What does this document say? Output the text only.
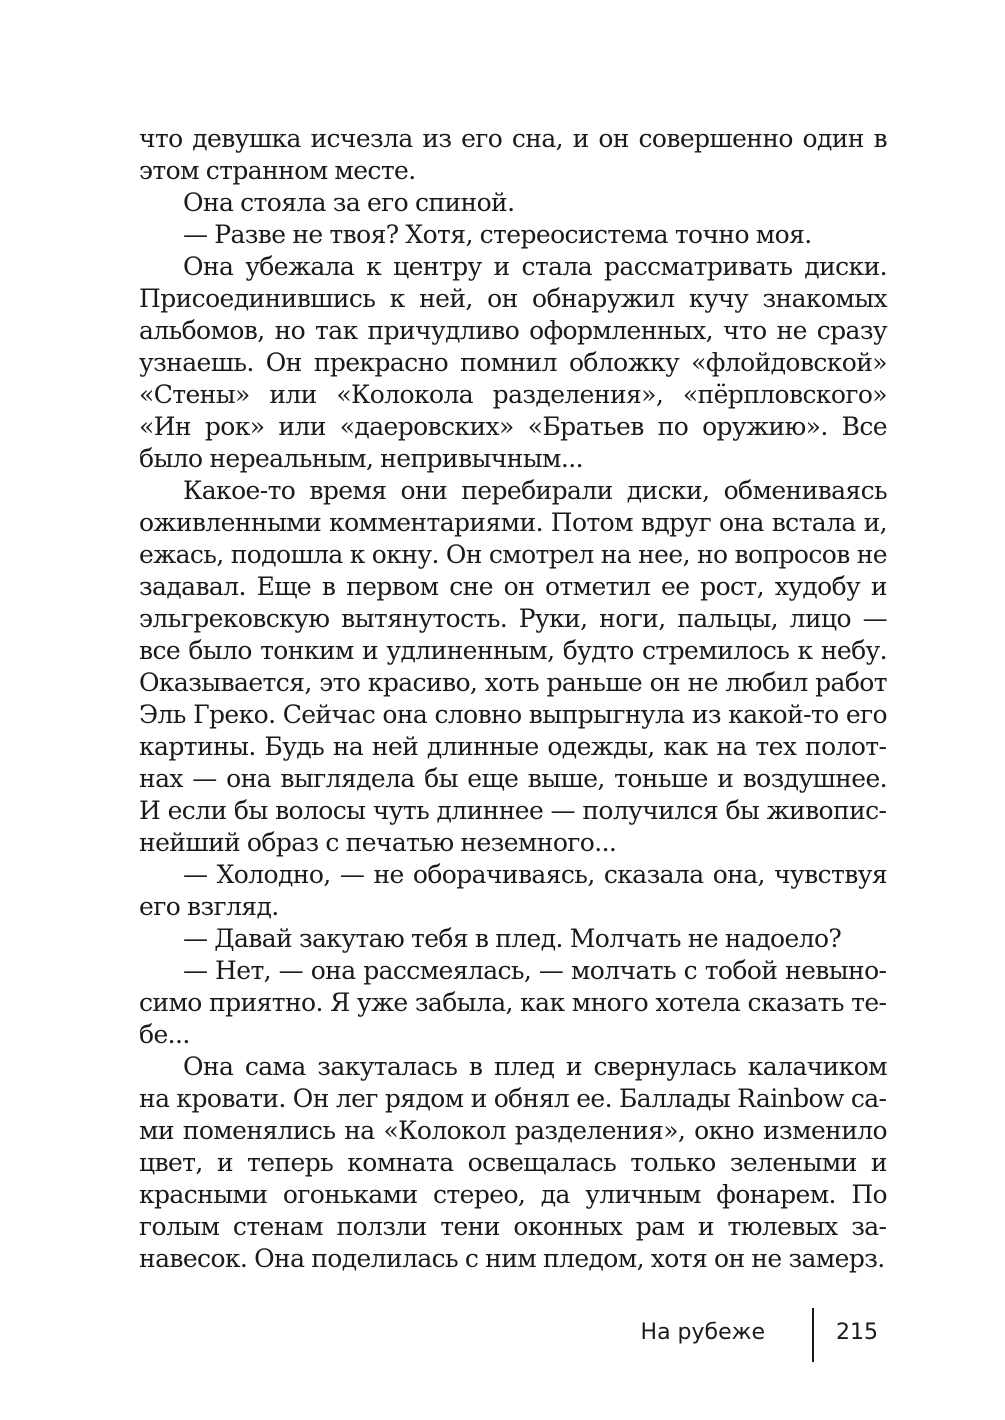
что девушка исчезла из его сна, и он совершенно один в этом странном месте.

Она стояла за его спиной.

— Разве не твоя? Хотя, стереосистема точно моя.

Она убежала к центру и стала рассматривать диски. Присоединившись к ней, он обнаружил кучу знакомых альбомов, но так причудливо оформленных, что не сразу узнаешь. Он прекрасно помнил обложку «флойдовской» «Стены» или «Колокола разделения», «пёрпловского» «Ин рок» или «даеровских» «Братьев по оружию». Все было нереальным, непривычным...

Какое-то время они перебирали диски, обмениваясь оживленными комментариями. Потом вдруг она встала и, ежась, подошла к окну. Он смотрел на нее, но вопросов не задавал. Еще в первом сне он отметил ее рост, худобу и эльгрековскую вытянутость. Руки, ноги, пальцы, лицо — все было тонким и удлиненным, будто стремилось к небу. Оказывается, это красиво, хоть раньше он не любил работ Эль Греко. Сейчас она словно выпрыгнула из какой-то его картины. Будь на ней длинные одежды, как на тех полотнах — она выглядела бы еще выше, тоньше и воздушнее. И если бы волосы чуть длиннее — получился бы живописнейший образ с печатью неземного...

— Холодно, — не оборачиваясь, сказала она, чувствуя его взгляд.

— Давай закутаю тебя в плед. Молчать не надоело?

— Нет, — она рассмеялась, — молчать с тобой невыносимо приятно. Я уже забыла, как много хотела сказать тебе...

Она сама закуталась в плед и свернулась калачиком на кровати. Он лег рядом и обнял ее. Баллады Rainbow сами поменялись на «Колокол разделения», окно изменило цвет, и теперь комната освещалась только зелеными и красными огоньками стерео, да уличным фонарем. По голым стенам ползли тени оконных рам и тюлевых занавесок. Она поделилась с ним пледом, хотя он не замерз.

На рубеже	215
